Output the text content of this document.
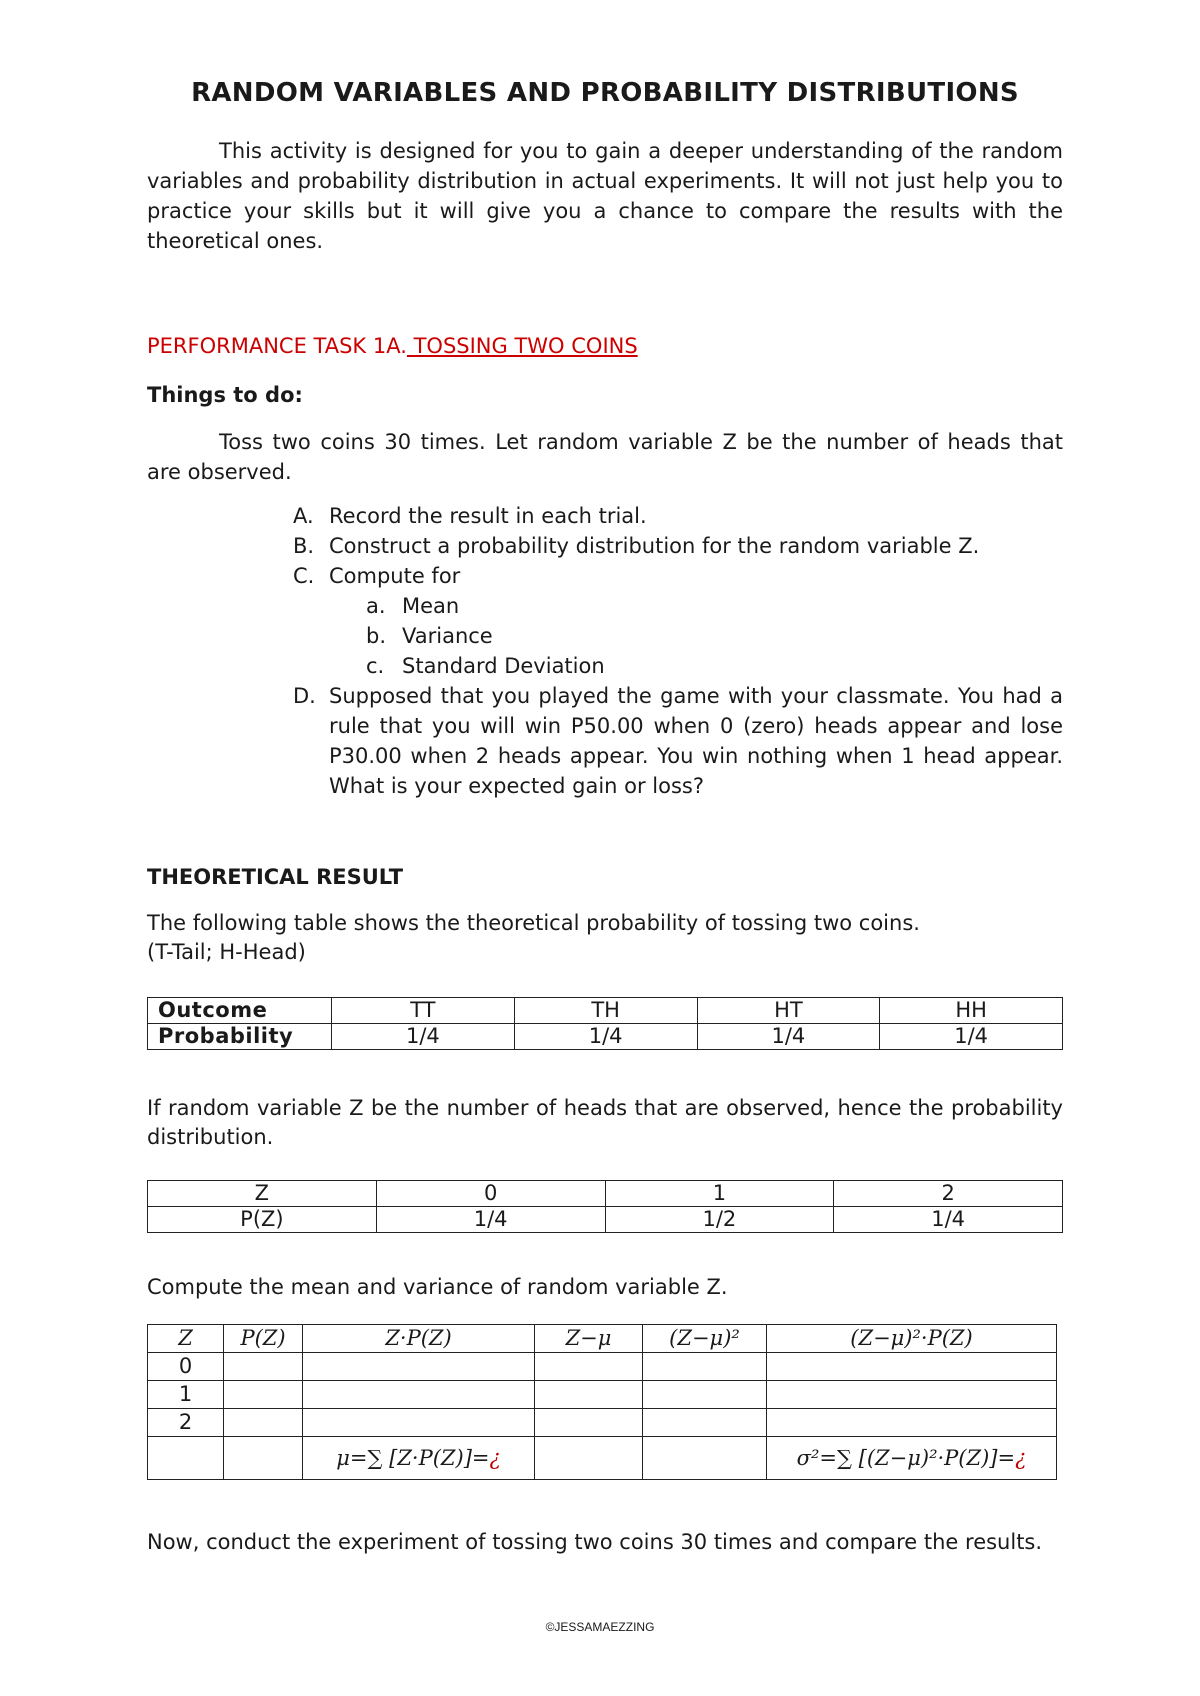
RANDOM VARIABLES AND PROBABILITY DISTRIBUTIONS

This activity is designed for you to gain a deeper understanding of the random variables and probability distribution in actual experiments. It will not just help you to practice your skills but it will give you a chance to compare the results with the theoretical ones.

PERFORMANCE TASK 1A. TOSSING TWO COINS

Things to do:

Toss two coins 30 times. Let random variable Z be the number of heads that are observed.

A. Record the result in each trial.
B. Construct a probability distribution for the random variable Z.
C. Compute for
a. Mean
b. Variance
c. Standard Deviation
D. Supposed that you played the game with your classmate. You had a rule that you will win P50.00 when 0 (zero) heads appear and lose P30.00 when 2 heads appear. You win nothing when 1 head appear. What is your expected gain or loss?

THEORETICAL RESULT

The following table shows the theoretical probability of tossing two coins.
(T-Tail; H-Head)

Outcome	TT	TH	HT	HH
Probability	1/4	1/4	1/4	1/4

If random variable Z be the number of heads that are observed, hence the probability distribution.

Z	0	1	2
P(Z)	1/4	1/2	1/4

Compute the mean and variance of random variable Z.

Z	P(Z)	Z·P(Z)	Z−μ	(Z−μ)²	(Z−μ)²·P(Z)
0					
1					
2					
		μ=∑ [Z·P(Z)]=¿			σ²=∑ [(Z−μ)²·P(Z)]=¿

Now, conduct the experiment of tossing two coins 30 times and compare the results.

©JESSAMAEZZING
